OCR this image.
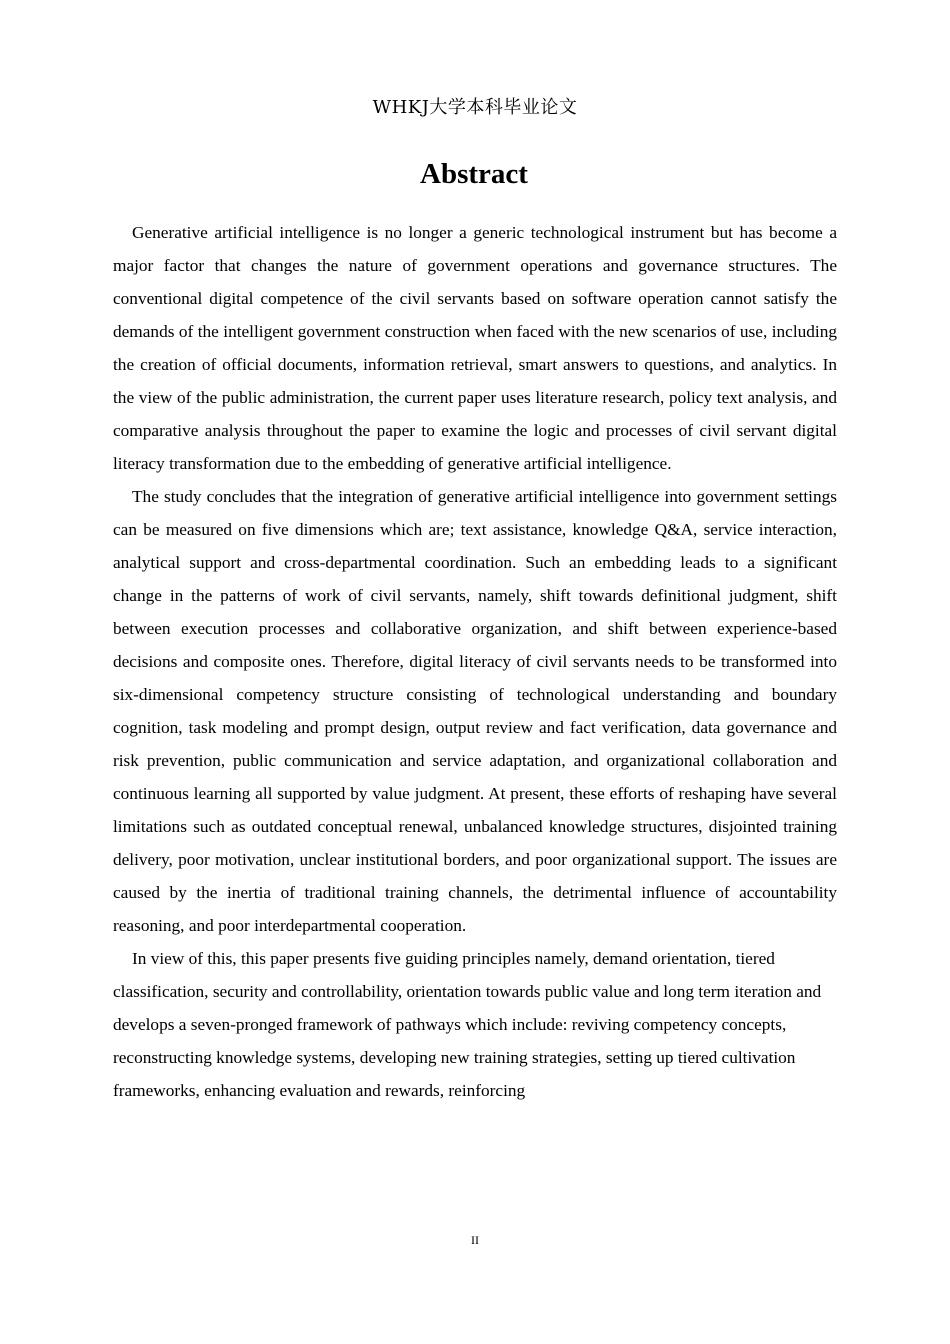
WHKJ大学本科毕业论文
Abstract

Generative artificial intelligence is no longer a generic technological instrument but has become a major factor that changes the nature of government operations and governance structures. The conventional digital competence of the civil servants based on software operation cannot satisfy the demands of the intelligent government construction when faced with the new scenarios of use, including the creation of official documents, information retrieval, smart answers to questions, and analytics. In the view of the public administration, the current paper uses literature research, policy text analysis, and comparative analysis throughout the paper to examine the logic and processes of civil servant digital literacy transformation due to the embedding of generative artificial intelligence.

The study concludes that the integration of generative artificial intelligence into government settings can be measured on five dimensions which are; text assistance, knowledge Q&A, service interaction, analytical support and cross-departmental coordination. Such an embedding leads to a significant change in the patterns of work of civil servants, namely, shift towards definitional judgment, shift between execution processes and collaborative organization, and shift between experience-based decisions and composite ones. Therefore, digital literacy of civil servants needs to be transformed into six-dimensional competency structure consisting of technological understanding and boundary cognition, task modeling and prompt design, output review and fact verification, data governance and risk prevention, public communication and service adaptation, and organizational collaboration and continuous learning all supported by value judgment. At present, these efforts of reshaping have several limitations such as outdated conceptual renewal, unbalanced knowledge structures, disjointed training delivery, poor motivation, unclear institutional borders, and poor organizational support. The issues are caused by the inertia of traditional training channels, the detrimental influence of accountability reasoning, and poor interdepartmental cooperation.

In view of this, this paper presents five guiding principles namely, demand orientation, tiered classification, security and controllability, orientation towards public value and long term iteration and develops a seven-pronged framework of pathways which include: reviving competency concepts, reconstructing knowledge systems, developing new training strategies, setting up tiered cultivation frameworks, enhancing evaluation and rewards, reinforcing

II
